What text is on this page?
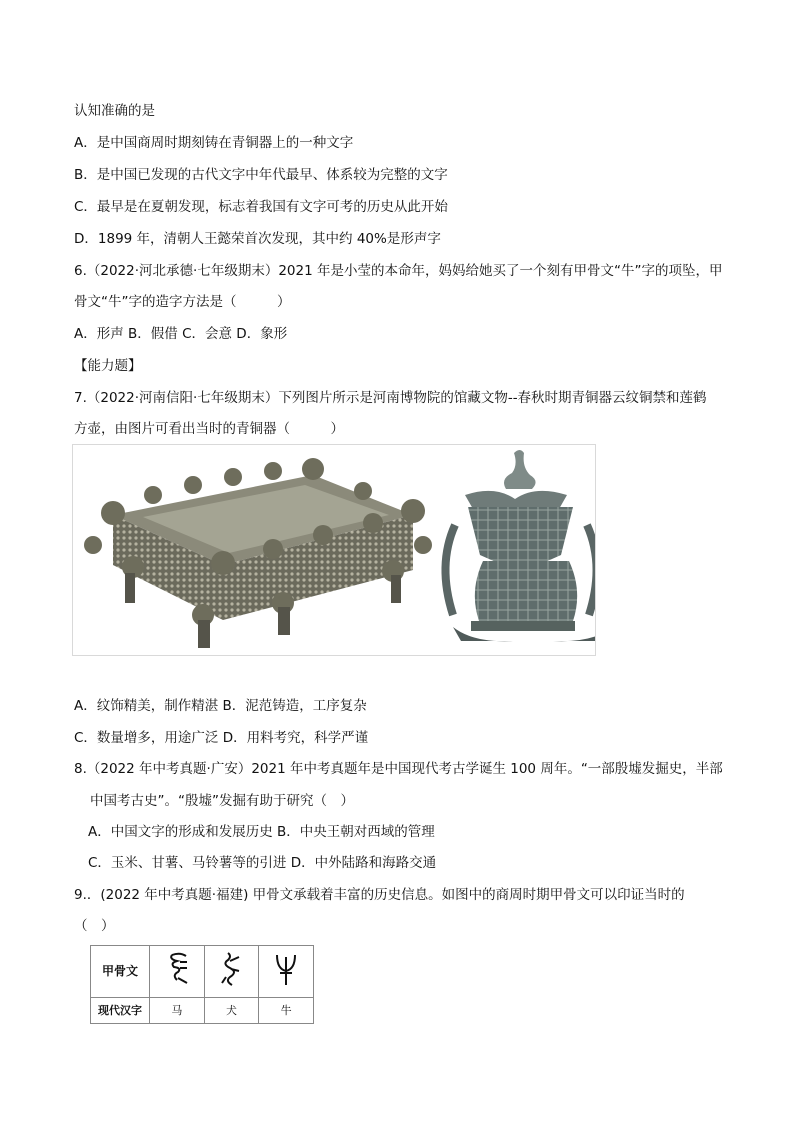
认知准确的是
A．是中国商周时期刻铸在青铜器上的一种文字
B．是中国已发现的古代文字中年代最早、体系较为完整的文字
C．最早是在夏朝发现，标志着我国有文字可考的历史从此开始
D．1899 年，清朝人王懿荣首次发现，其中约 40%是形声字
6.（2022·河北承德·七年级期末）2021 年是小莹的本命年，妈妈给她买了一个刻有甲骨文“牛”字的项坠，甲
骨文“牛”字的造字方法是（　　　）
A．形声 B．假借 C．会意 D．象形
【能力题】
7.（2022·河南信阳·七年级期末）下列图片所示是河南博物院的馆藏文物--春秋时期青铜器云纹铜禁和莲鹤
方壶，由图片可看出当时的青铜器（　　　）
A．纹饰精美，制作精湛 B．泥范铸造，工序复杂
C．数量增多，用途广泛 D．用料考究，科学严谨
8.（2022 年中考真题·广安）2021 年中考真题年是中国现代考古学诞生 100 周年。“一部殷墟发掘史，半部
中国考古史”。“殷墟”发掘有助于研究（　）
A．中国文字的形成和发展历史 B．中央王朝对西域的管理
C．玉米、甘薯、马铃薯等的引进 D．中外陆路和海路交通
9.．(2022 年中考真题·福建) 甲骨文承载着丰富的历史信息。如图中的商周时期甲骨文可以印证当时的
（　）
甲骨文			
现代汉字	马	犬	牛
